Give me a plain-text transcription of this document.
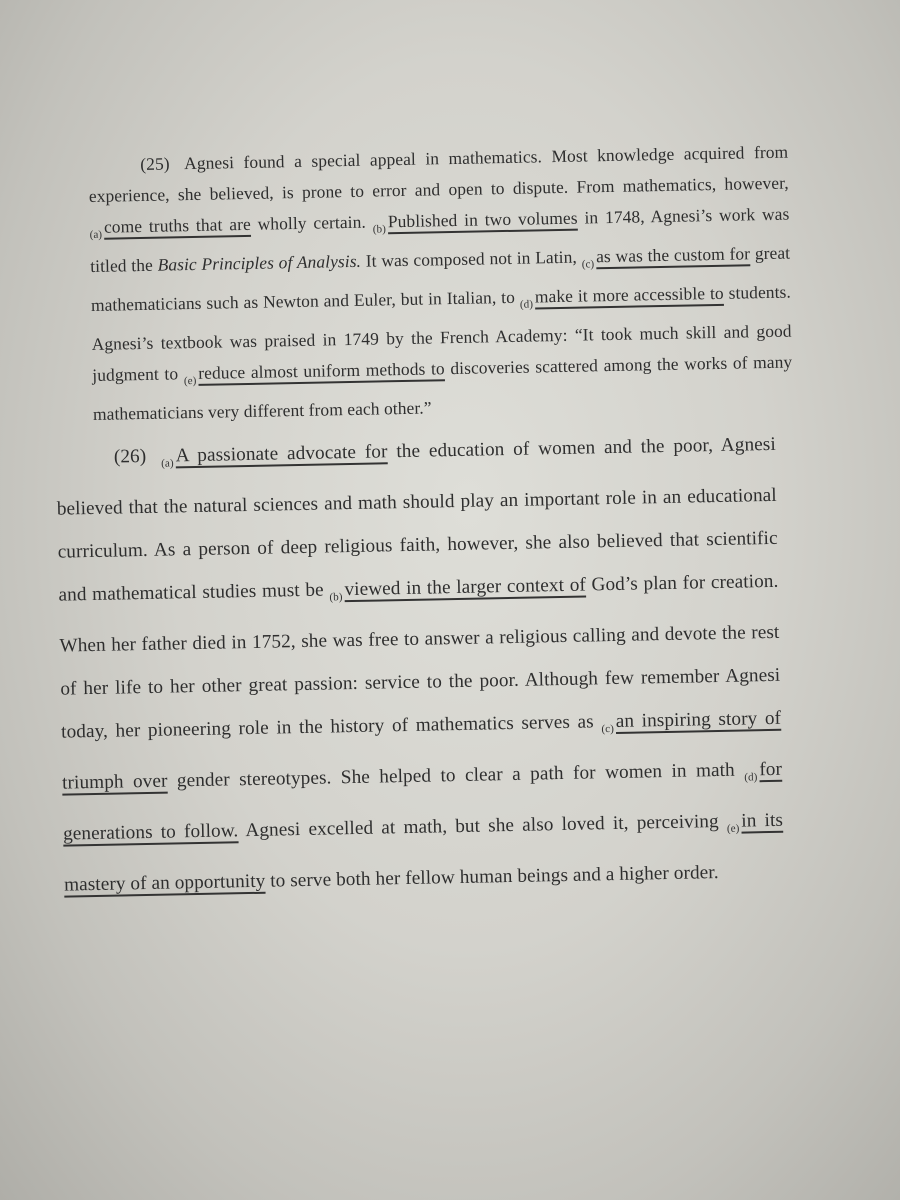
(25) Agnesi found a special appeal in mathematics. Most knowledge acquired from experience, she believed, is prone to error and open to dispute. From mathematics, however, $_{(a)}$come truths that are wholly certain. $_{(b)}$Published in two volumes in 1748, Agnesi’s work was titled the Basic Principles of Analysis. It was composed not in Latin, $_{(c)}$as was the custom for great mathematicians such as Newton and Euler, but in Italian, to $_{(d)}$make it more accessible to students. Agnesi’s textbook was praised in 1749 by the French Academy: “It took much skill and good judgment to $_{(e)}$reduce almost uniform methods to discoveries scattered among the works of many mathematicians very different from each other.”

(26) $_{(a)}$A passionate advocate for the education of women and the poor, Agnesi believed that the natural sciences and math should play an important role in an educational curriculum. As a person of deep religious faith, however, she also believed that scientific and mathematical studies must be $_{(b)}$viewed in the larger context of God’s plan for creation. When her father died in 1752, she was free to answer a religious calling and devote the rest of her life to her other great passion: service to the poor. Although few remember Agnesi today, her pioneering role in the history of mathematics serves as $_{(c)}$an inspiring story of triumph over gender stereotypes. She helped to clear a path for women in math $_{(d)}$for generations to follow. Agnesi excelled at math, but she also loved it, perceiving $_{(e)}$in its mastery of an opportunity to serve both her fellow human beings and a higher order.
